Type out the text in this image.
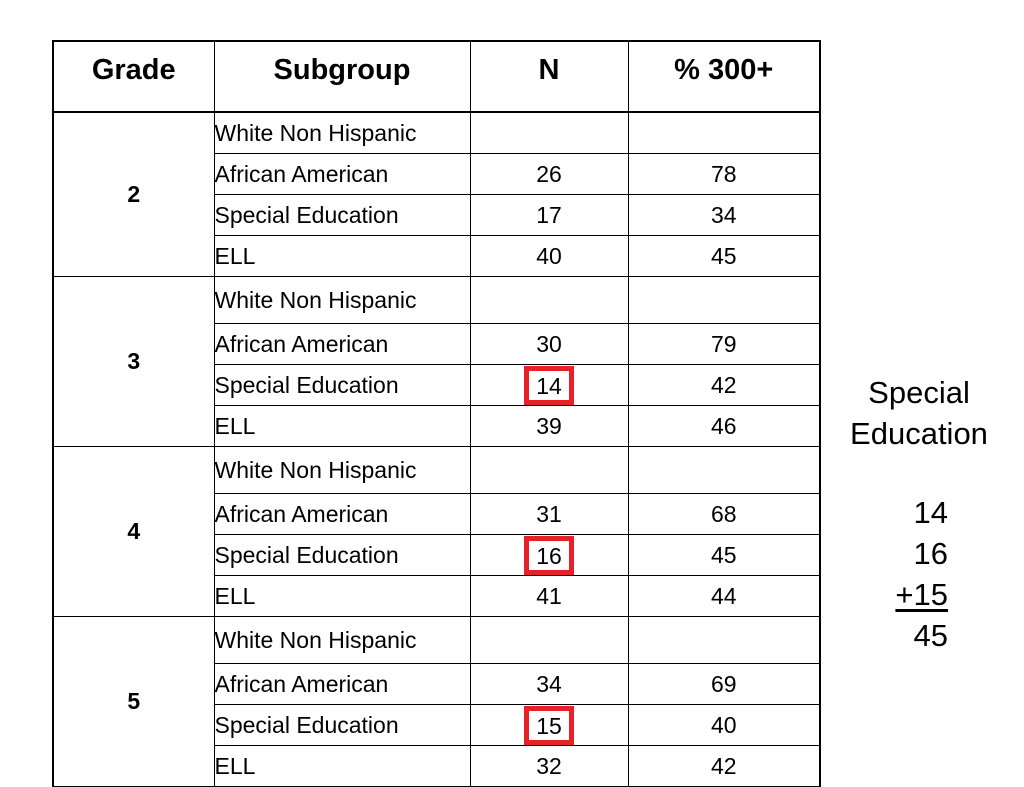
Grade	Subgroup	N	% 300+
2	White Non Hispanic		
	African American	26	78
	Special Education	17	34
	ELL	40	45
3	White Non Hispanic		
	African American	30	79
	Special Education	14	42
	ELL	39	46
4	White Non Hispanic		
	African American	31	68
	Special Education	16	45
	ELL	41	44
5	White Non Hispanic		
	African American	34	69
	Special Education	15	40
	ELL	32	42
Special
Education
14
16
+15
45
